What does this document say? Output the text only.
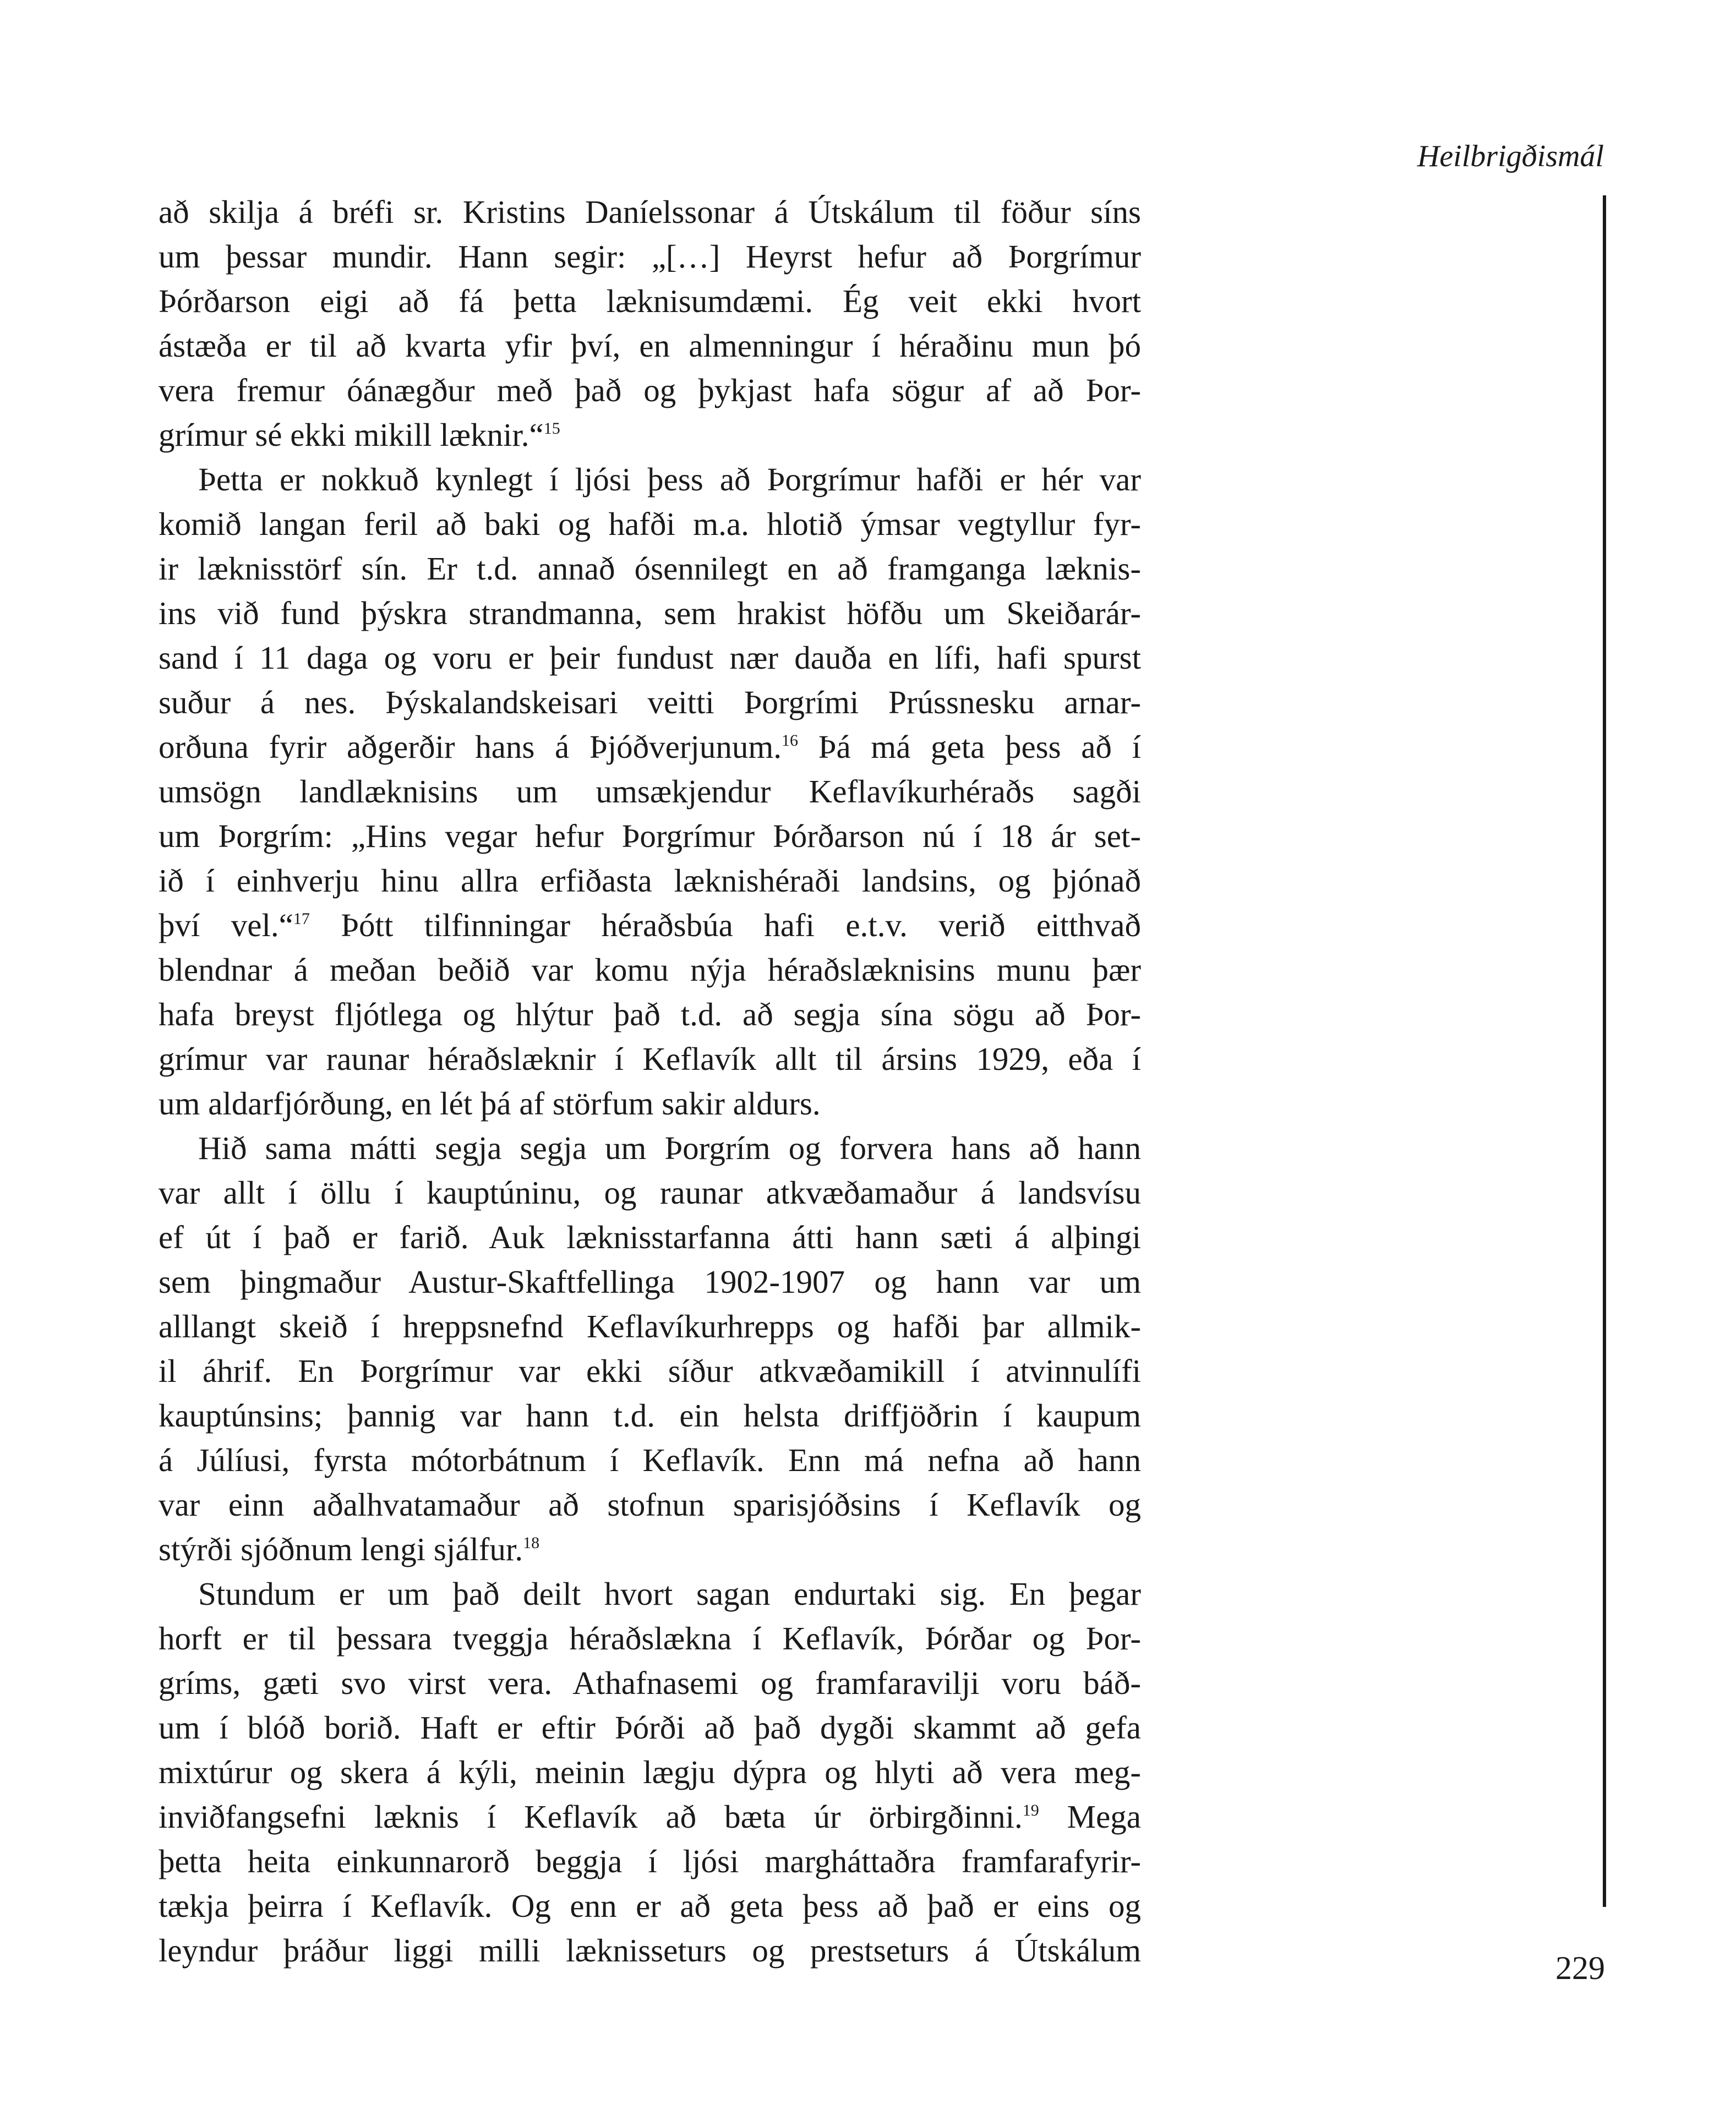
Heilbrigðismál
að skilja á bréfi sr. Kristins Daníelssonar á Útskálum til föður síns
um þessar mundir. Hann segir: „[…] Heyrst hefur að Þorgrímur
Þórðarson eigi að fá þetta læknisumdæmi. Ég veit ekki hvort
ástæða er til að kvarta yfir því, en almenningur í héraðinu mun þó
vera fremur óánægður með það og þykjast hafa sögur af að Þor-
grímur sé ekki mikill læknir.“$^{15}$
Þetta er nokkuð kynlegt í ljósi þess að Þorgrímur hafði er hér var
komið langan feril að baki og hafði m.a. hlotið ýmsar vegtyllur fyr-
ir læknisstörf sín. Er t.d. annað ósennilegt en að framganga læknis-
ins við fund þýskra strandmanna, sem hrakist höfðu um Skeiðarár-
sand í 11 daga og voru er þeir fundust nær dauða en lífi, hafi spurst
suður á nes. Þýskalandskeisari veitti Þorgrími Prússnesku arnar-
orðuna fyrir aðgerðir hans á Þjóðverjunum.$^{16}$ Þá má geta þess að í
umsögn landlæknisins um umsækjendur Keflavíkurhéraðs sagði
um Þorgrím: „Hins vegar hefur Þorgrímur Þórðarson nú í 18 ár set-
ið í einhverju hinu allra erfiðasta læknishéraði landsins, og þjónað
því vel.“$^{17}$ Þótt tilfinningar héraðsbúa hafi e.t.v. verið eitthvað
blendnar á meðan beðið var komu nýja héraðslæknisins munu þær
hafa breyst fljótlega og hlýtur það t.d. að segja sína sögu að Þor-
grímur var raunar héraðslæknir í Keflavík allt til ársins 1929, eða í
um aldarfjórðung, en lét þá af störfum sakir aldurs.
Hið sama mátti segja segja um Þorgrím og forvera hans að hann
var allt í öllu í kauptúninu, og raunar atkvæðamaður á landsvísu
ef út í það er farið. Auk læknisstarfanna átti hann sæti á alþingi
sem þingmaður Austur-Skaftfellinga 1902-1907 og hann var um
alllangt skeið í hreppsnefnd Keflavíkurhrepps og hafði þar allmik-
il áhrif. En Þorgrímur var ekki síður atkvæðamikill í atvinnulífi
kauptúnsins; þannig var hann t.d. ein helsta driffjöðrin í kaupum
á Júlíusi, fyrsta mótorbátnum í Keflavík. Enn má nefna að hann
var einn aðalhvatamaður að stofnun sparisjóðsins í Keflavík og
stýrði sjóðnum lengi sjálfur.$^{18}$
Stundum er um það deilt hvort sagan endurtaki sig. En þegar
horft er til þessara tveggja héraðslækna í Keflavík, Þórðar og Þor-
gríms, gæti svo virst vera. Athafnasemi og framfaravilji voru báð-
um í blóð borið. Haft er eftir Þórði að það dygði skammt að gefa
mixtúrur og skera á kýli, meinin lægju dýpra og hlyti að vera meg-
inviðfangsefni læknis í Keflavík að bæta úr örbirgðinni.$^{19}$ Mega
þetta heita einkunnarorð beggja í ljósi margháttaðra framfarafyrir-
tækja þeirra í Keflavík. Og enn er að geta þess að það er eins og
leyndur þráður liggi milli læknisseturs og prestseturs á Útskálum	229
